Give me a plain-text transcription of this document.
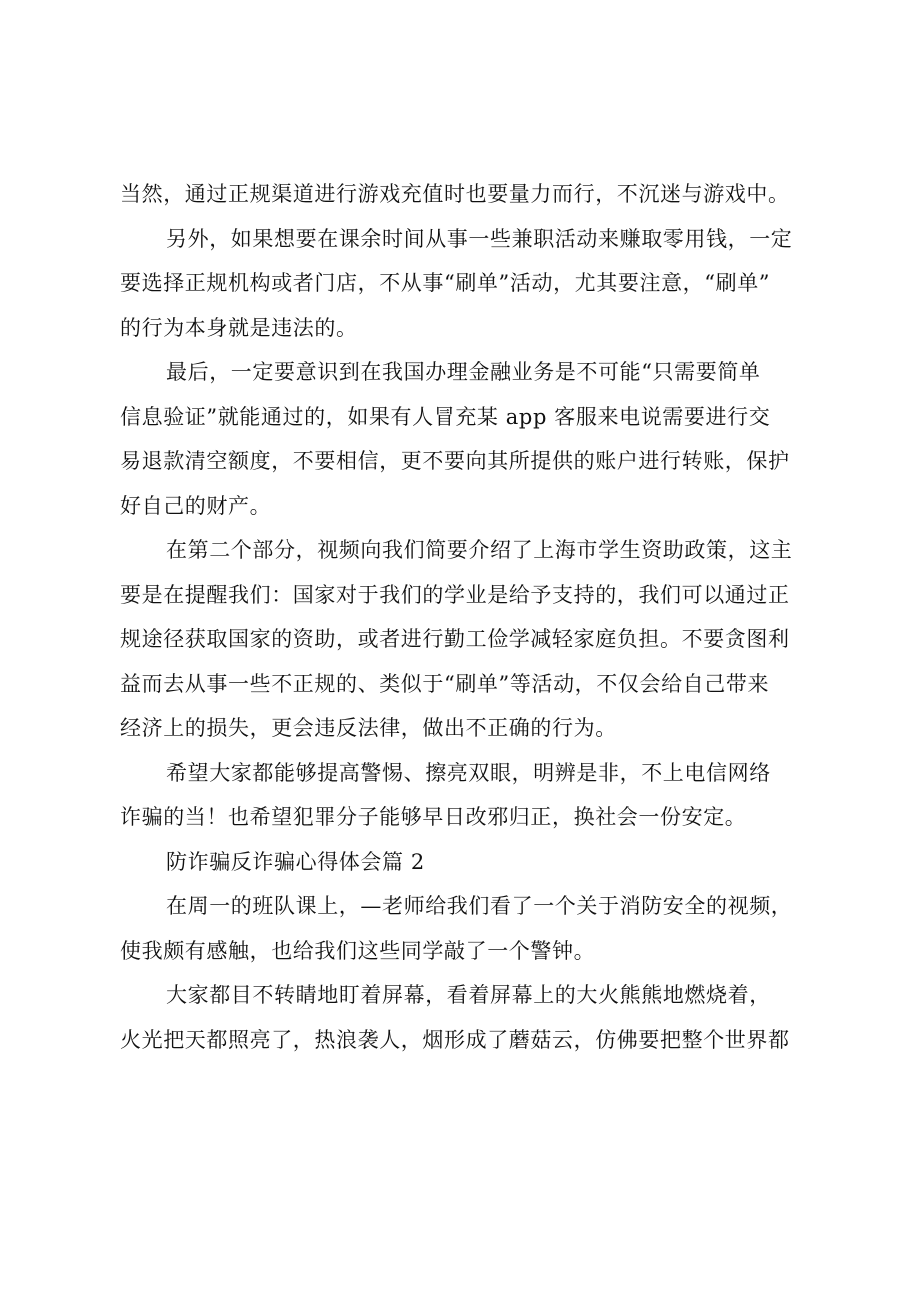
当然，通过正规渠道进行游戏充值时也要量力而行，不沉迷与游戏中。

另外，如果想要在课余时间从事一些兼职活动来赚取零用钱，一定
要选择正规机构或者门店，不从事“刷单”活动，尤其要注意，“刷单”
的行为本身就是违法的。

最后，一定要意识到在我国办理金融业务是不可能“只需要简单
信息验证”就能通过的，如果有人冒充某 app 客服来电说需要进行交
易退款清空额度，不要相信，更不要向其所提供的账户进行转账，保护
好自己的财产。

在第二个部分，视频向我们简要介绍了上海市学生资助政策，这主
要是在提醒我们：国家对于我们的学业是给予支持的，我们可以通过正
规途径获取国家的资助，或者进行勤工俭学减轻家庭负担。不要贪图利
益而去从事一些不正规的、类似于“刷单”等活动，不仅会给自己带来
经济上的损失，更会违反法律，做出不正确的行为。

希望大家都能够提高警惕、擦亮双眼，明辨是非，不上电信网络
诈骗的当！也希望犯罪分子能够早日改邪归正，换社会一份安定。

防诈骗反诈骗心得体会篇 2

在周一的班队课上，—老师给我们看了一个关于消防安全的视频，
使我颇有感触，也给我们这些同学敲了一个警钟。

大家都目不转睛地盯着屏幕，看着屏幕上的大火熊熊地燃烧着，
火光把天都照亮了，热浪袭人，烟形成了蘑菇云，仿佛要把整个世界都
